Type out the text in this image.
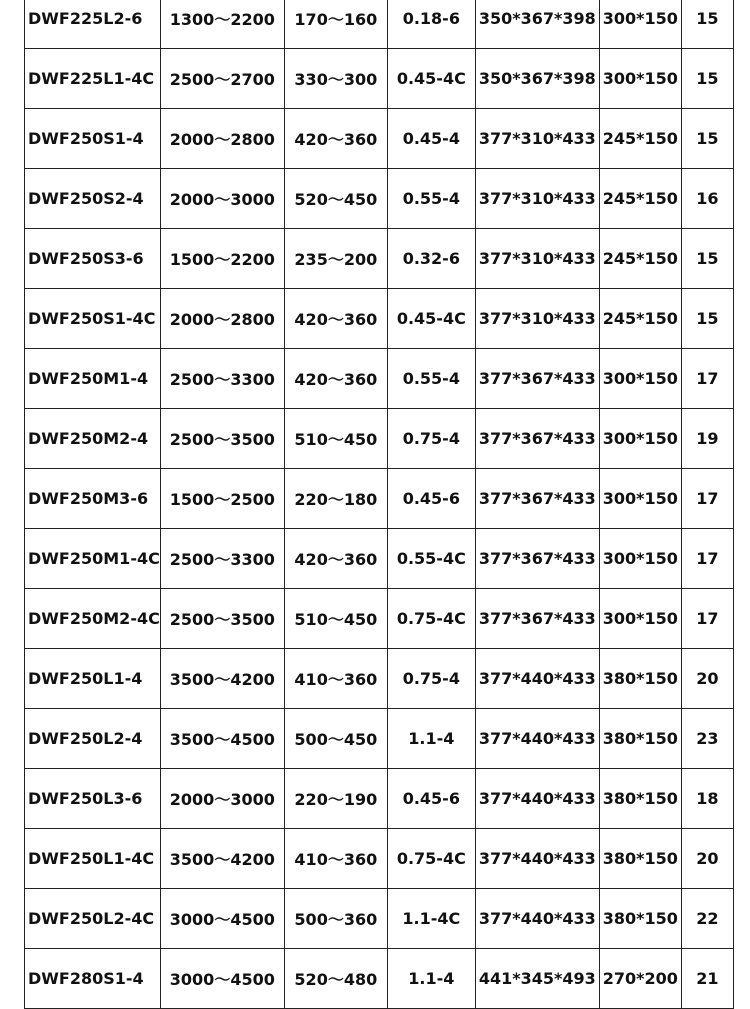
DWF225L2-6	1300～2200	170～160	0.18-6	350*367*398	300*150	15
DWF225L1-4C	2500～2700	330～300	0.45-4C	350*367*398	300*150	15
DWF250S1-4	2000～2800	420～360	0.45-4	377*310*433	245*150	15
DWF250S2-4	2000～3000	520～450	0.55-4	377*310*433	245*150	16
DWF250S3-6	1500～2200	235～200	0.32-6	377*310*433	245*150	15
DWF250S1-4C	2000～2800	420～360	0.45-4C	377*310*433	245*150	15
DWF250M1-4	2500～3300	420～360	0.55-4	377*367*433	300*150	17
DWF250M2-4	2500～3500	510～450	0.75-4	377*367*433	300*150	19
DWF250M3-6	1500～2500	220～180	0.45-6	377*367*433	300*150	17
DWF250M1-4C	2500～3300	420～360	0.55-4C	377*367*433	300*150	17
DWF250M2-4C	2500～3500	510～450	0.75-4C	377*367*433	300*150	17
DWF250L1-4	3500～4200	410～360	0.75-4	377*440*433	380*150	20
DWF250L2-4	3500～4500	500～450	1.1-4	377*440*433	380*150	23
DWF250L3-6	2000～3000	220～190	0.45-6	377*440*433	380*150	18
DWF250L1-4C	3500～4200	410～360	0.75-4C	377*440*433	380*150	20
DWF250L2-4C	3000～4500	500～360	1.1-4C	377*440*433	380*150	22
DWF280S1-4	3000～4500	520～480	1.1-4	441*345*493	270*200	21
